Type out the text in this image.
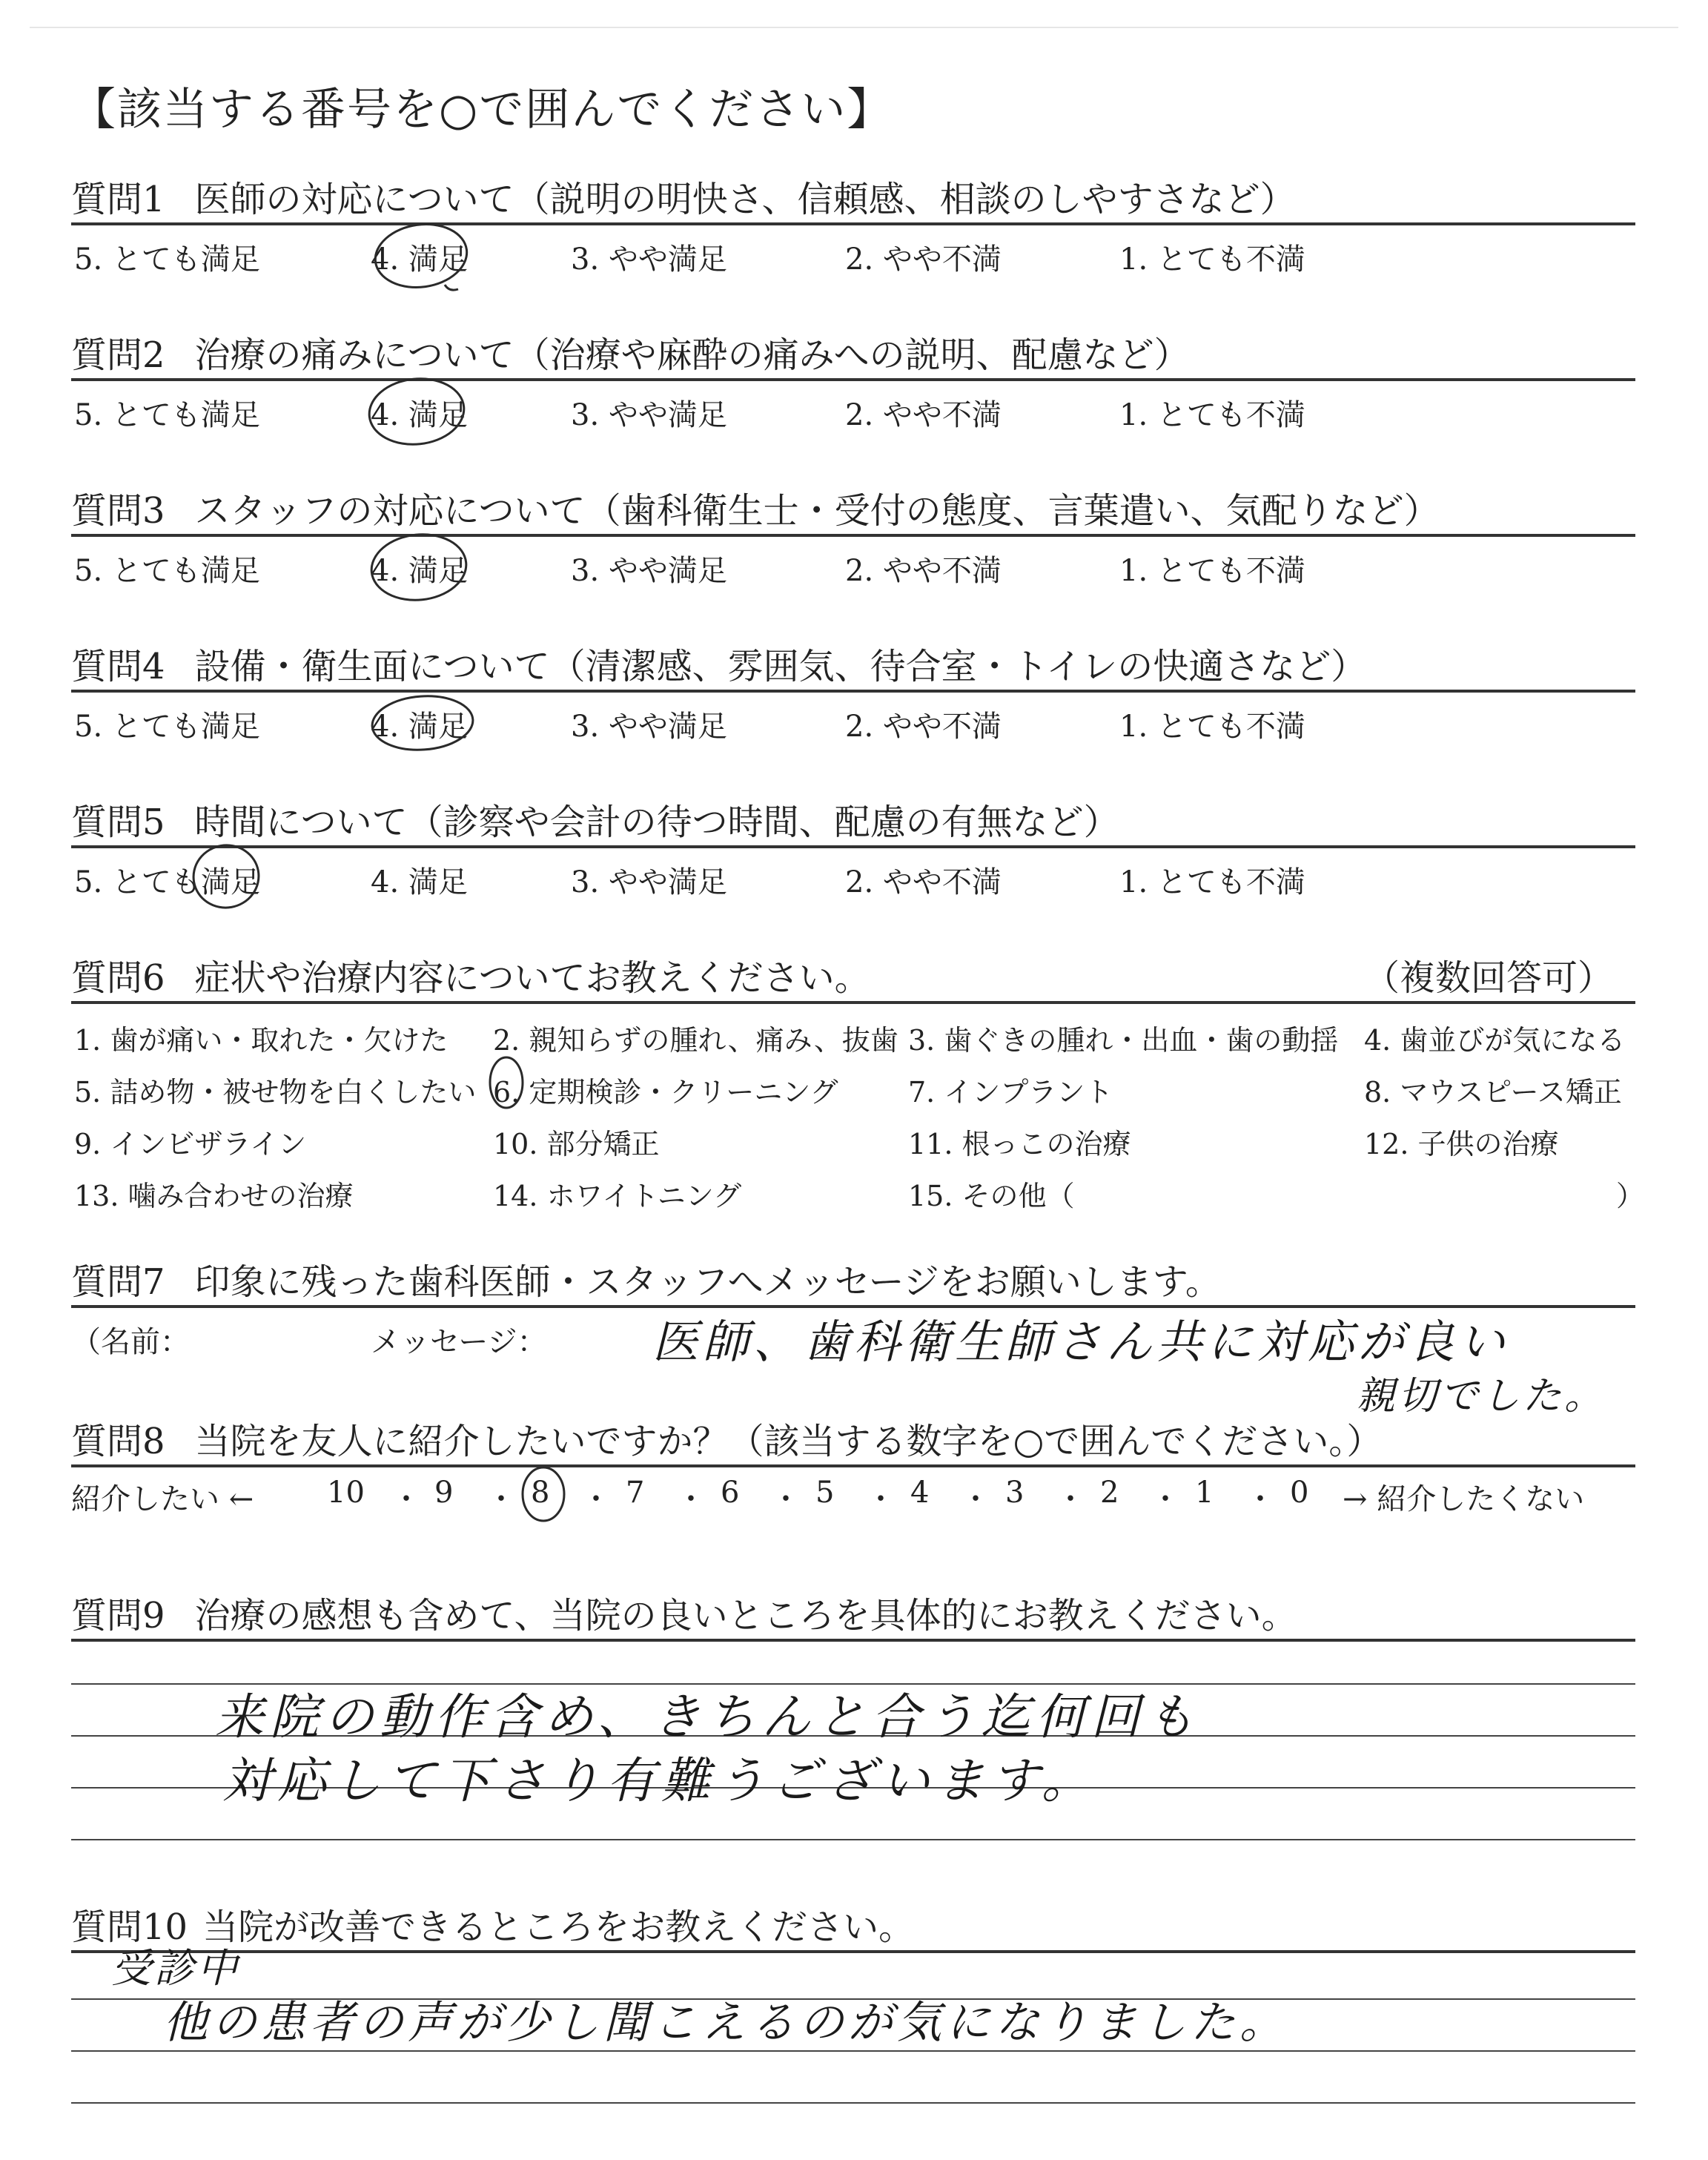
【該当する番号を○で囲んでください】
質問1 医師の対応について（説明の明快さ、信頼感、相談のしやすさなど）
5. とても満足	4. 満足	3. やや満足	2. やや不満	1. とても不満
質問2 治療の痛みについて（治療や麻酔の痛みへの説明、配慮など）
5. とても満足	4. 満足	3. やや満足	2. やや不満	1. とても不満
質問3 スタッフの対応について（歯科衛生士・受付の態度、言葉遣い、気配りなど）
5. とても満足	4. 満足	3. やや満足	2. やや不満	1. とても不満
質問4 設備・衛生面について（清潔感、雰囲気、待合室・トイレの快適さなど）
5. とても満足	4. 満足	3. やや満足	2. やや不満	1. とても不満
質問5 時間について（診察や会計の待つ時間、配慮の有無など）
5. とても満足	4. 満足	3. やや満足	2. やや不満	1. とても不満
質問6 症状や治療内容についてお教えください。	（複数回答可）
1. 歯が痛い・取れた・欠けた 2. 親知らずの腫れ、痛み、抜歯 3. 歯ぐきの腫れ・出血・歯の動揺 4. 歯並びが気になる
5. 詰め物・被せ物を白くしたい 6. 定期検診・クリーニング 7. インプラント	8. マウスピース矯正
9. インビザライン	10. 部分矯正	11. 根っこの治療	12. 子供の治療
13. 噛み合わせの治療	14. ホワイトニング	15. その他（	）
質問7 印象に残った歯科医師・スタッフへメッセージをお願いします。
（名前：	メッセージ： 医師、歯科衛生師さん共に対応が良い
親切でした。
質問8 当院を友人に紹介したいですか？（該当する数字を○で囲んでください。）
紹介したい ← 10 ・ 9 ・ 8 ・ 7 ・ 6 ・ 5 ・ 4 ・ 3 ・ 2 ・ 1 ・ 0 → 紹介したくない
質問9 治療の感想も含めて、当院の良いところを具体的にお教えください。
来院の動作含め、きちんと合う迄何回も
対応して下さり有難うございます。
質問10 当院が改善できるところをお教えください。
受診中
他の患者の声が少し聞こえるのが気になりました。
